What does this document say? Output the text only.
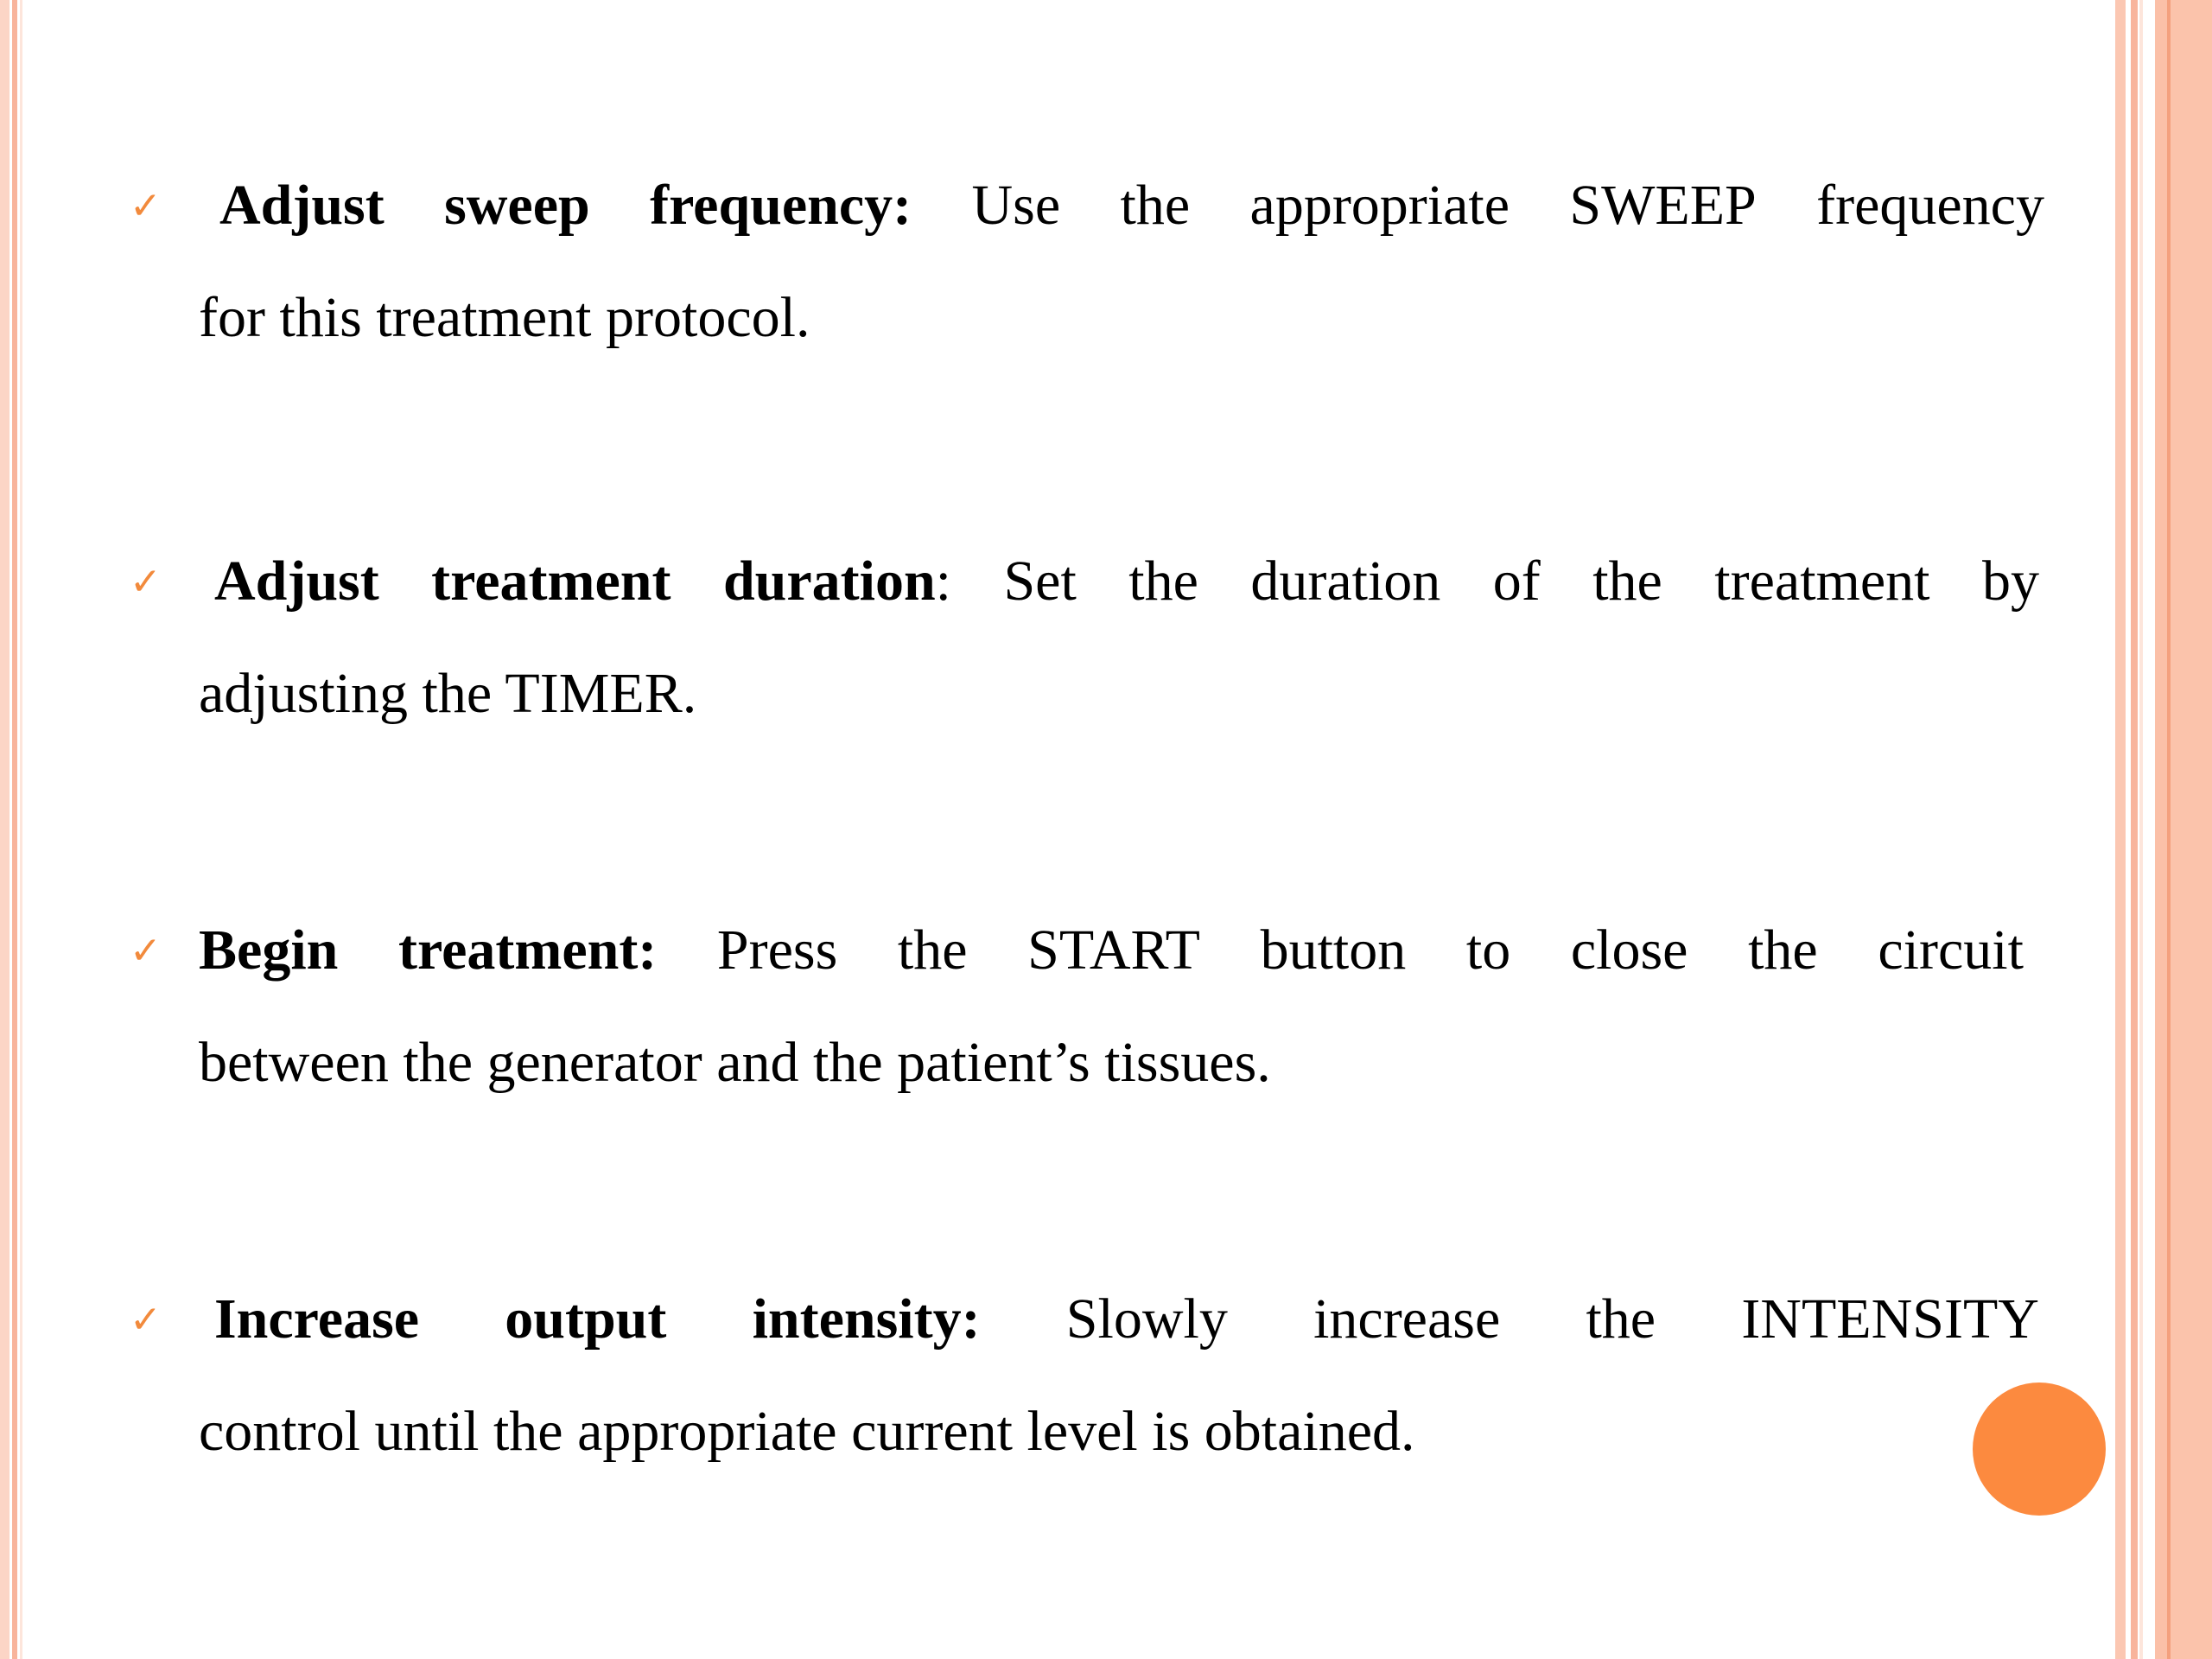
✓ Adjust sweep frequency: Use the appropriate SWEEP frequency
for this treatment protocol.
✓ Adjust treatment duration: Set the duration of the treatment by
adjusting the TIMER.
✓ Begin treatment: Press the START button to close the circuit
between the generator and the patient’s tissues.
✓ Increase output intensity: Slowly increase the INTENSITY
control until the appropriate current level is obtained.
